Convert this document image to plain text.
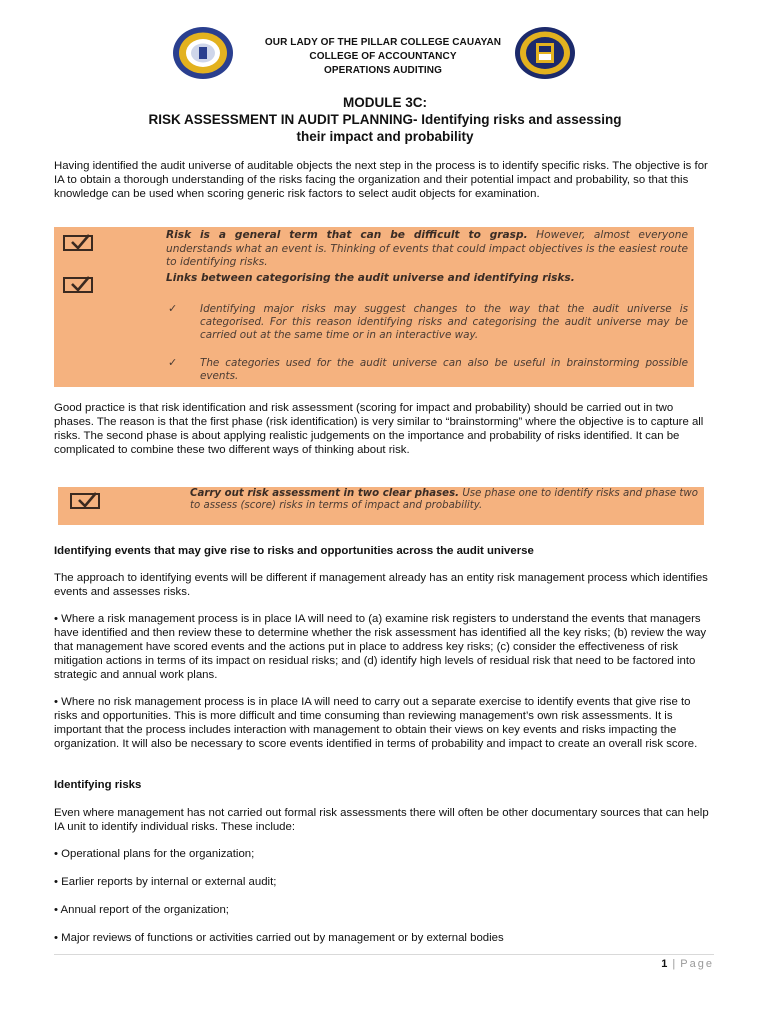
OUR LADY OF THE PILLAR COLLEGE CAUAYAN
COLLEGE OF ACCOUNTANCY
OPERATIONS AUDITING
MODULE 3C:
RISK ASSESSMENT IN AUDIT PLANNING- Identifying risks and assessing
their impact and probability
Having identified the audit universe of auditable objects the next step in the process is to identify specific risks. The objective is for IA to obtain a thorough understanding of the risks facing the organization and their potential impact and probability, so that this knowledge can be used when scoring generic risk factors to select audit objects for examination.
Risk is a general term that can be difficult to grasp. However, almost everyone understands what an event is. Thinking of events that could impact objectives is the easiest route to identifying risks.
Links between categorising the audit universe and identifying risks.
✓ Identifying major risks may suggest changes to the way that the audit universe is categorised. For this reason identifying risks and categorising the audit universe may be carried out at the same time or in an interactive way.
✓ The categories used for the audit universe can also be useful in brainstorming possible events.
Good practice is that risk identification and risk assessment (scoring for impact and probability) should be carried out in two phases. The reason is that the first phase (risk identification) is very similar to “brainstorming” where the objective is to capture all risks. The second phase is about applying realistic judgements on the importance and probability of risks identified. It can be complicated to combine these two different ways of thinking about risk.
Carry out risk assessment in two clear phases. Use phase one to identify risks and phase two to assess (score) risks in terms of impact and probability.
Identifying events that may give rise to risks and opportunities across the audit universe
The approach to identifying events will be different if management already has an entity risk management process which identifies events and assesses risks.
• Where a risk management process is in place IA will need to (a) examine risk registers to understand the events that managers have identified and then review these to determine whether the risk assessment has identified all the key risks; (b) review the way that management have scored events and the actions put in place to address key risks; (c) consider the effectiveness of risk mitigation actions in terms of its impact on residual risks; and (d) identify high levels of residual risk that need to be factored into strategic and annual work plans.
• Where no risk management process is in place IA will need to carry out a separate exercise to identify events that give rise to risks and opportunities. This is more difficult and time consuming than reviewing management’s own risk assessments. It is important that the process includes interaction with management to obtain their views on key events and risks impacting the organization. It will also be necessary to score events identified in terms of probability and impact to create an overall risk score.
Identifying risks
Even where management has not carried out formal risk assessments there will often be other documentary sources that can help IA unit to identify individual risks. These include:
• Operational plans for the organization;
• Earlier reports by internal or external audit;
• Annual report of the organization;
• Major reviews of functions or activities carried out by management or by external bodies
1 | Page
